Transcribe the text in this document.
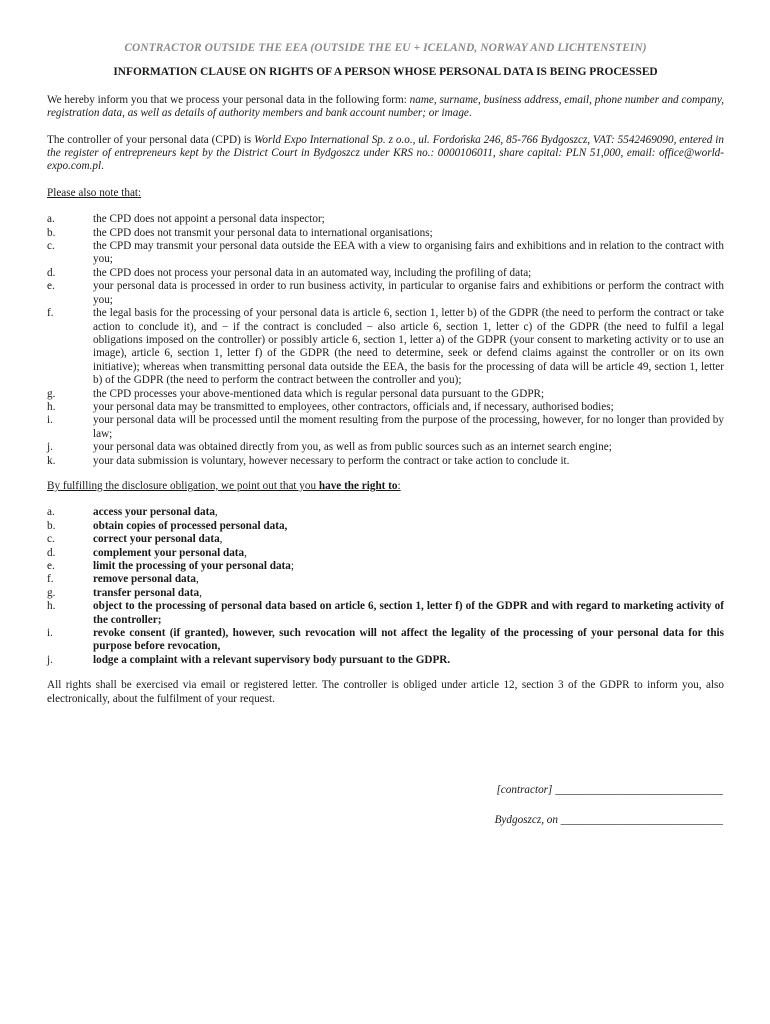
CONTRACTOR OUTSIDE THE EEA (OUTSIDE THE EU + ICELAND, NORWAY AND LICHTENSTEIN)
INFORMATION CLAUSE ON RIGHTS OF A PERSON WHOSE PERSONAL DATA IS BEING PROCESSED

We hereby inform you that we process your personal data in the following form: name, surname, business address, email, phone number and company, registration data, as well as details of authority members and bank account number; or image.

The controller of your personal data (CPD) is World Expo International Sp. z o.o., ul. Fordońska 246, 85-766 Bydgoszcz, VAT: 5542469090, entered in the register of entrepreneurs kept by the District Court in Bydgoszcz under KRS no.: 0000106011, share capital: PLN 51,000, email: office@world-expo.com.pl.

Please also note that:
a.	the CPD does not appoint a personal data inspector;
b.	the CPD does not transmit your personal data to international organisations;
c.	the CPD may transmit your personal data outside the EEA with a view to organising fairs and exhibitions and in relation to the contract with you;
d.	the CPD does not process your personal data in an automated way, including the profiling of data;
e.	your personal data is processed in order to run business activity, in particular to organise fairs and exhibitions or perform the contract with you;
f.	the legal basis for the processing of your personal data is article 6, section 1, letter b) of the GDPR (the need to perform the contract or take action to conclude it), and − if the contract is concluded − also article 6, section 1, letter c) of the GDPR (the need to fulfil a legal obligations imposed on the controller) or possibly article 6, section 1, letter a) of the GDPR (your consent to marketing activity or to use an image), article 6, section 1, letter f) of the GDPR (the need to determine, seek or defend claims against the controller or on its own initiative); whereas when transmitting personal data outside the EEA, the basis for the processing of data will be article 49, section 1, letter b) of the GDPR (the need to perform the contract between the controller and you);
g.	the CPD processes your above-mentioned data which is regular personal data pursuant to the GDPR;
h.	your personal data may be transmitted to employees, other contractors, officials and, if necessary, authorised bodies;
i.	your personal data will be processed until the moment resulting from the purpose of the processing, however, for no longer than provided by law;
j.	your personal data was obtained directly from you, as well as from public sources such as an internet search engine;
k.	your data submission is voluntary, however necessary to perform the contract or take action to conclude it.
By fulfilling the disclosure obligation, we point out that you have the right to:
a.	access your personal data,
b.	obtain copies of processed personal data,
c.	correct your personal data,
d.	complement your personal data,
e.	limit the processing of your personal data;
f.	remove personal data,
g.	transfer personal data,
h.	object to the processing of personal data based on article 6, section 1, letter f) of the GDPR and with regard to marketing activity of the controller;
i.	revoke consent (if granted), however, such revocation will not affect the legality of the processing of your personal data for this purpose before revocation,
j.	lodge a complaint with a relevant supervisory body pursuant to the GDPR.
All rights shall be exercised via email or registered letter. The controller is obliged under article 12, section 3 of the GDPR to inform you, also electronically, about the fulfilment of your request.
[contractor] ______________________________
Bydgoszcz, on _____________________________
